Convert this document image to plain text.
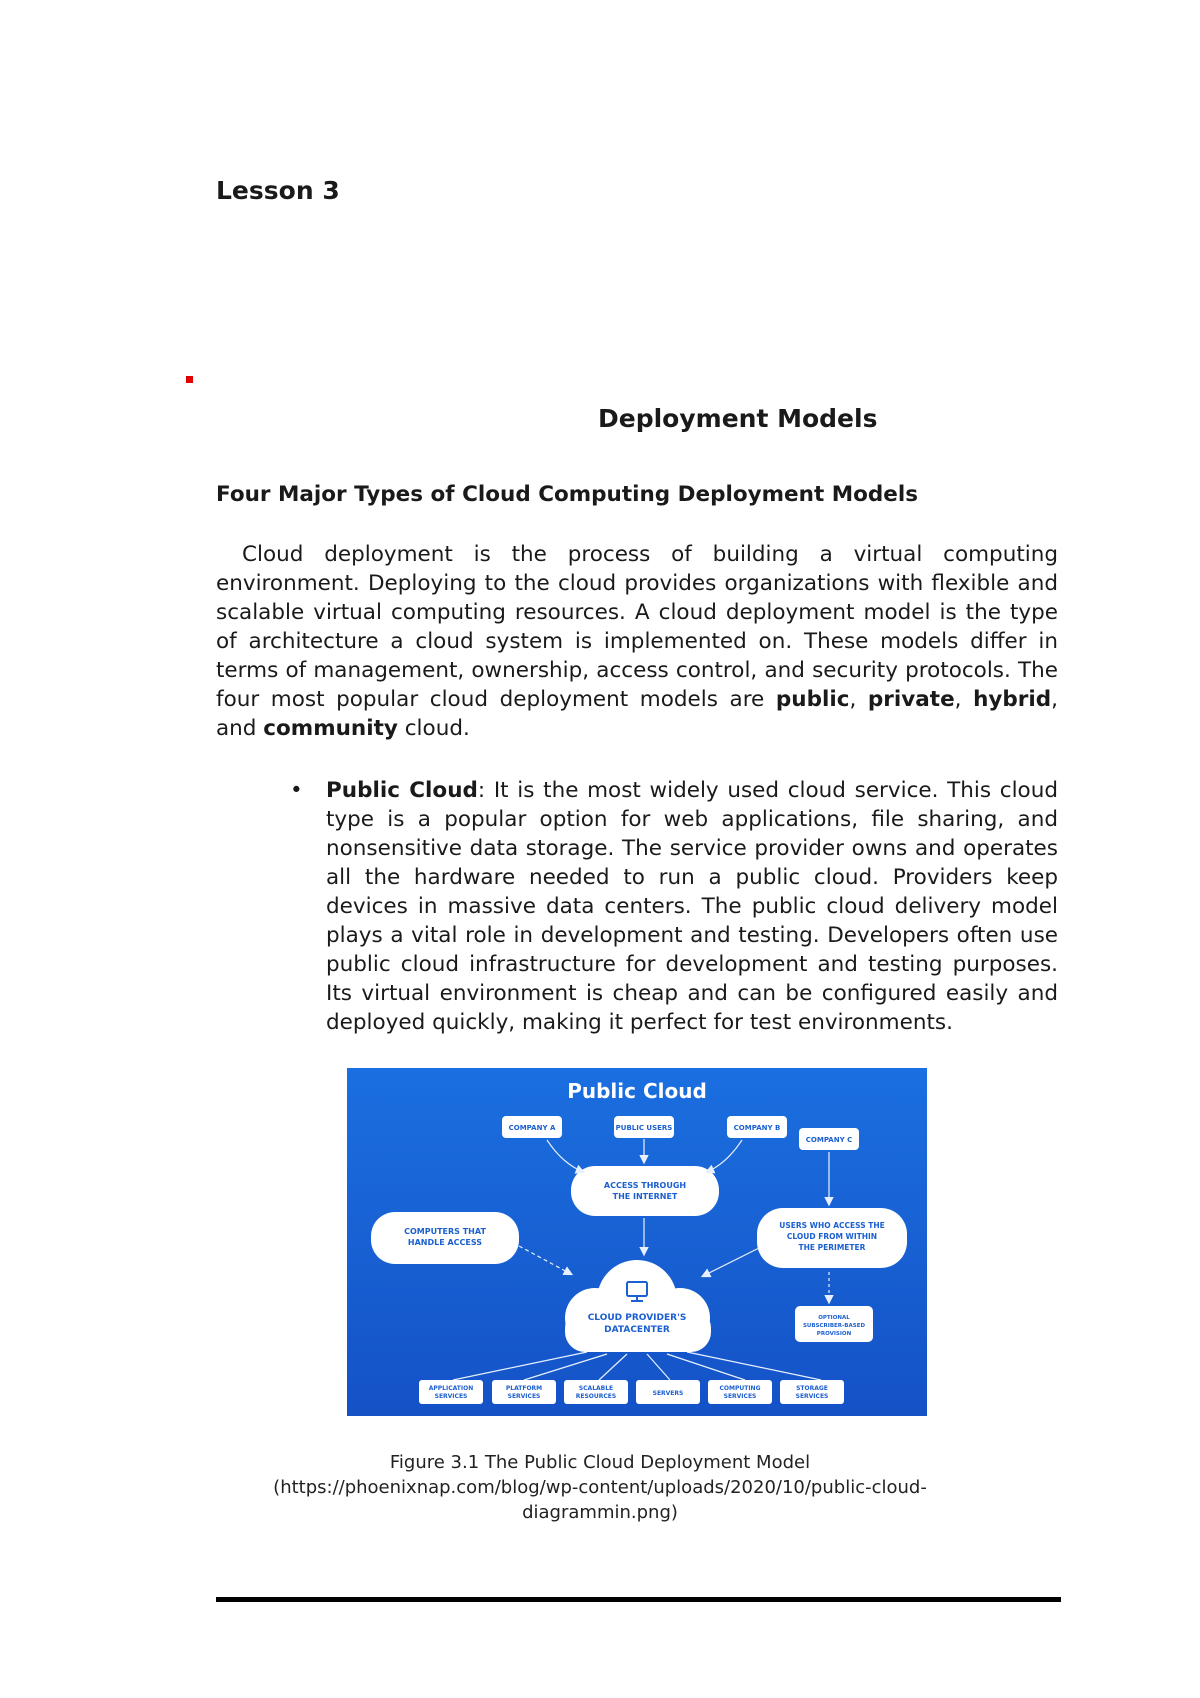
Lesson 3
Deployment Models
Four Major Types of Cloud Computing Deployment Models

Cloud deployment is the process of building a virtual computing environment. Deploying to the cloud provides organizations with flexible and scalable virtual computing resources. A cloud deployment model is the type of architecture a cloud system is implemented on. These models differ in terms of management, ownership, access control, and security protocols. The four most popular cloud deployment models are public, private, hybrid, and community cloud.

• Public Cloud: It is the most widely used cloud service. This cloud type is a popular option for web applications, file sharing, and nonsensitive data storage. The service provider owns and operates all the hardware needed to run a public cloud. Providers keep devices in massive data centers. The public cloud delivery model plays a vital role in development and testing. Developers often use public cloud infrastructure for development and testing purposes. Its virtual environment is cheap and can be configured easily and deployed quickly, making it perfect for test environments.

Public Cloud
COMPANY A	PUBLIC USERS	COMPANY B
COMPANY C
ACCESS THROUGH
THE INTERNET
COMPUTERS THAT
HANDLE ACCESS
USERS WHO ACCESS THE
CLOUD FROM WITHIN
THE PERIMETER
OPTIONAL
SUBSCRIBER-BASED
PROVISION
CLOUD PROVIDER'S
DATACENTER
APPLICATION
SERVICES
PLATFORM
SERVICES
SCALABLE
RESOURCES	SERVERS
COMPUTING
SERVICES
STORAGE
SERVICES
Figure 3.1 The Public Cloud Deployment Model
(https://phoenixnap.com/blog/wp-content/uploads/2020/10/public-cloud-
diagrammin.png)
